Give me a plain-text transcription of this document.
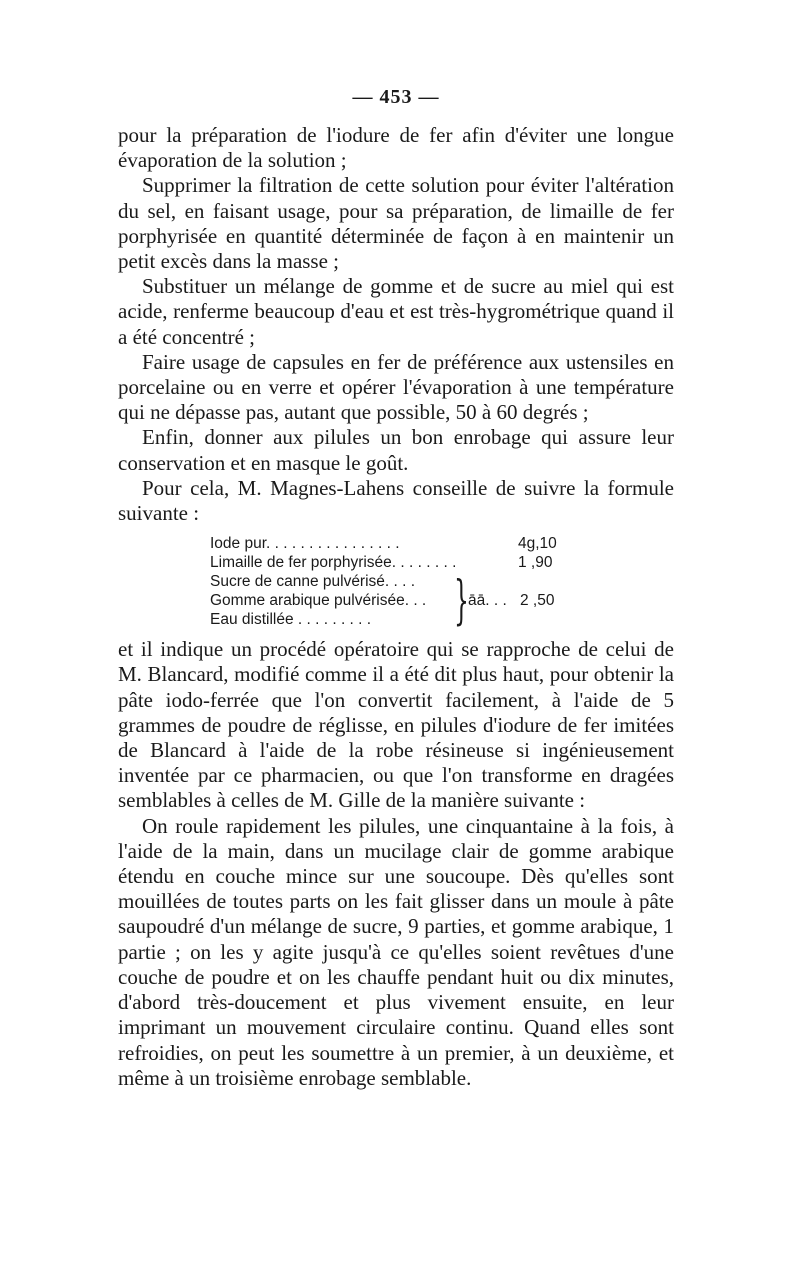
— 453 —

pour la préparation de l'iodure de fer afin d'éviter une longue évaporation de la solution ;

Supprimer la filtration de cette solution pour éviter l'altération du sel, en faisant usage, pour sa préparation, de limaille de fer porphyrisée en quantité déterminée de façon à en maintenir un petit excès dans la masse ;

Substituer un mélange de gomme et de sucre au miel qui est acide, renferme beaucoup d'eau et est très-hygrométrique quand il a été concentré ;

Faire usage de capsules en fer de préférence aux ustensiles en porcelaine ou en verre et opérer l'évaporation à une température qui ne dépasse pas, autant que possible, 50 à 60 degrés ;

Enfin, donner aux pilules un bon enrobage qui assure leur conservation et en masque le goût.

Pour cela, M. Magnes-Lahens conseille de suivre la formule suivante :

Iode pur. . . . . . . . . . . . . . . .	4g,10
Limaille de fer porphyrisée. . . . . . . .	1 ,90
Sucre de canne pulvérisé. . . .
Gomme arabique pulvérisée. . .
Eau distillée . . . . . . . . .	} āā. . . 2 ,50

et il indique un procédé opératoire qui se rapproche de celui de M. Blancard, modifié comme il a été dit plus haut, pour obtenir la pâte iodo-ferrée que l'on convertit facilement, à l'aide de 5 grammes de poudre de réglisse, en pilules d'iodure de fer imitées de Blancard à l'aide de la robe résineuse si ingénieusement inventée par ce pharmacien, ou que l'on transforme en dragées semblables à celles de M. Gille de la manière suivante :

On roule rapidement les pilules, une cinquantaine à la fois, à l'aide de la main, dans un mucilage clair de gomme arabique étendu en couche mince sur une soucoupe. Dès qu'elles sont mouillées de toutes parts on les fait glisser dans un moule à pâte saupoudré d'un mélange de sucre, 9 parties, et gomme arabique, 1 partie ; on les y agite jusqu'à ce qu'elles soient revêtues d'une couche de poudre et on les chauffe pendant huit ou dix minutes, d'abord très-doucement et plus vivement ensuite, en leur imprimant un mouvement circulaire continu. Quand elles sont refroidies, on peut les soumettre à un premier, à un deuxième, et même à un troisième enrobage semblable.
